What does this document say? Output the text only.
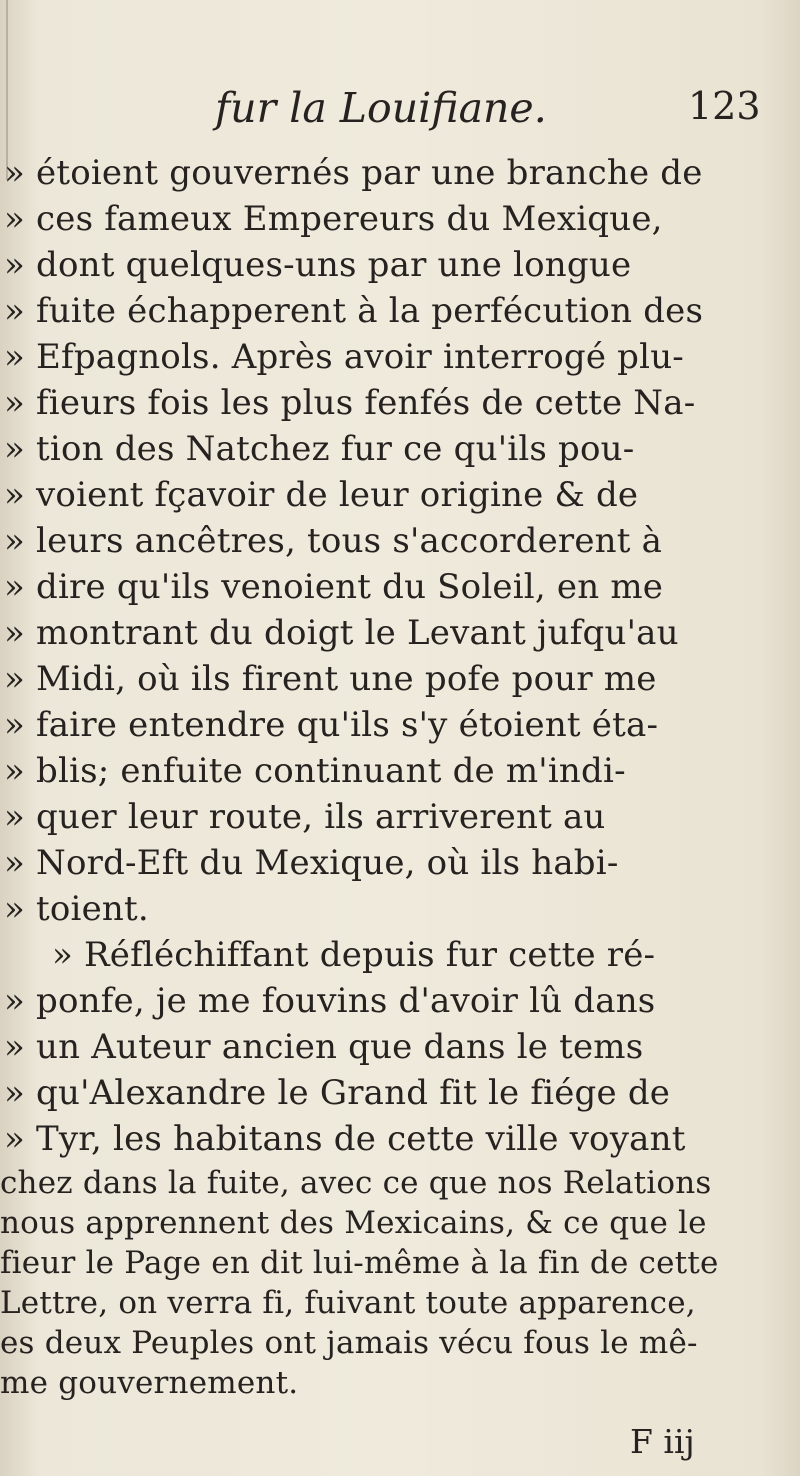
fur la Louifiane.	123
» étoient gouvernés par une branche de
» ces fameux Empereurs du Mexique,
» dont quelques-uns par une longue
» fuite échapperent à la perfécution des
» Efpagnols. Après avoir interrogé plu-
» fieurs fois les plus fenfés de cette Na-
» tion des Natchez fur ce qu'ils pou-
» voient fçavoir de leur origine & de
» leurs ancêtres, tous s'accorderent à
» dire qu'ils venoient du Soleil, en me
» montrant du doigt le Levant jufqu'au
» Midi, où ils firent une pofe pour me
» faire entendre qu'ils s'y étoient éta-
» blis; enfuite continuant de m'indi-
» quer leur route, ils arriverent au
» Nord-Eft du Mexique, où ils habi-
» toient.
» Réfléchiffant depuis fur cette ré-
» ponfe, je me fouvins d'avoir lû dans
» un Auteur ancien que dans le tems
» qu'Alexandre le Grand fit le fiége de
» Tyr, les habitans de cette ville voyant
chez dans la fuite, avec ce que nos Relations
nous apprennent des Mexicains, & ce que le
fieur le Page en dit lui-même à la fin de cette
Lettre, on verra fi, fuivant toute apparence,
es deux Peuples ont jamais vécu fous le mê-
me gouvernement.
F iij
